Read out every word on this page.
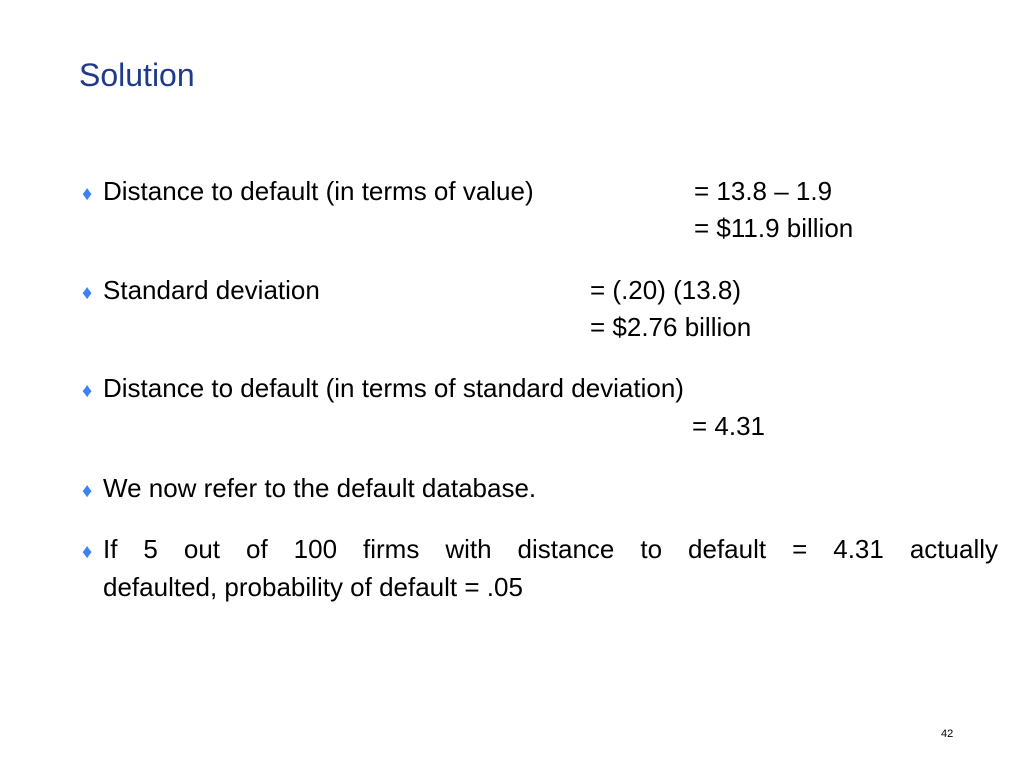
Solution
♦ Distance to default (in terms of value)	= 13.8 – 1.9
= $11.9 billion
♦ Standard deviation	= (.20) (13.8)
= $2.76 billion
♦ Distance to default (in terms of standard deviation)
= 4.31
♦ We now refer to the default database.
♦ If 5 out of 100 firms with distance to default = 4.31 actually
defaulted, probability of default = .05
42
